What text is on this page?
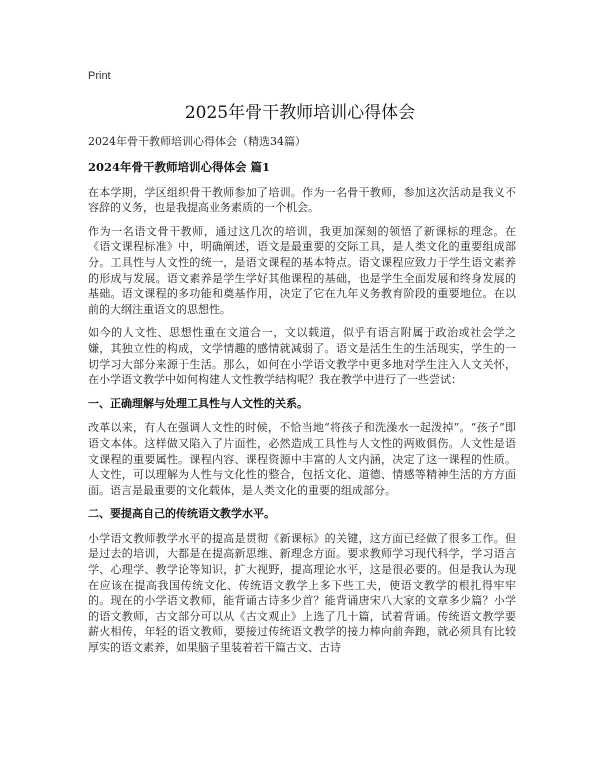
Print
2025年骨干教师培训心得体会
2024年骨干教师培训心得体会（精选34篇）
2024年骨干教师培训心得体会 篇1

在本学期，学区组织骨干教师参加了培训。作为一名骨干教师，参加这次活动是我义不容辞的义务，也是我提高业务素质的一个机会。

作为一名语文骨干教师，通过这几次的培训，我更加深刻的领悟了新课标的理念。在《语文课程标准》中，明确阐述，语文是最重要的交际工具，是人类文化的重要组成部分。工具性与人文性的统一，是语文课程的基本特点。语文课程应致力于学生语文素养的形成与发展。语文素养是学生学好其他课程的基础，也是学生全面发展和终身发展的基础。语文课程的多功能和奠基作用，决定了它在九年义务教育阶段的重要地位。在以前的大纲注重语文的思想性。

如今的人文性、思想性重在文道合一，文以载道，似乎有语言附属于政治或社会学之嫌，其独立性的构成，文学情趣的感情就减弱了。语文是活生生的生活现实，学生的一切学习大部分来源于生活。那么，如何在小学语文教学中更多地对学生注入人文关怀，在小学语文教学中如何构建人文性教学结构呢？我在教学中进行了一些尝试：

一、正确理解与处理工具性与人文性的关系。

改革以来，有人在强调人文性的时候，不恰当地“将孩子和洗澡水一起泼掉”。“孩子”即语文本体。这样做又陷入了片面性，必然造成工具性与人文性的两败俱伤。人文性是语文课程的重要属性。课程内容、课程资源中丰富的人文内涵，决定了这一课程的性质。人文性，可以理解为人性与文化性的整合，包括文化、道德、情感等精神生活的方方面面。语言是最重要的文化载体，是人类文化的重要的组成部分。

二、要提高自己的传统语文教学水平。

小学语文教师教学水平的提高是贯彻《新课标》的关键，这方面已经做了很多工作。但是过去的培训，大都是在提高新思维、新理念方面。要求教师学习现代科学，学习语言学、心理学、教学论等知识，扩大视野，提高理论水平，这是很必要的。但是我认为现在应该在提高我国传统文化、传统语文教学上多下些工夫，使语文教学的根扎得牢牢的。现在的小学语文教师，能背诵古诗多少首？能背诵唐宋八大家的文章多少篇？小学的语文教师，古文部分可以从《古文观止》上选了几十篇，试着背诵。传统语文教学要薪火相传，年轻的语文教师，要接过传统语文教学的接力棒向前奔跑，就必须具有比较厚实的语文素养，如果脑子里装着若干篇古文、古诗
